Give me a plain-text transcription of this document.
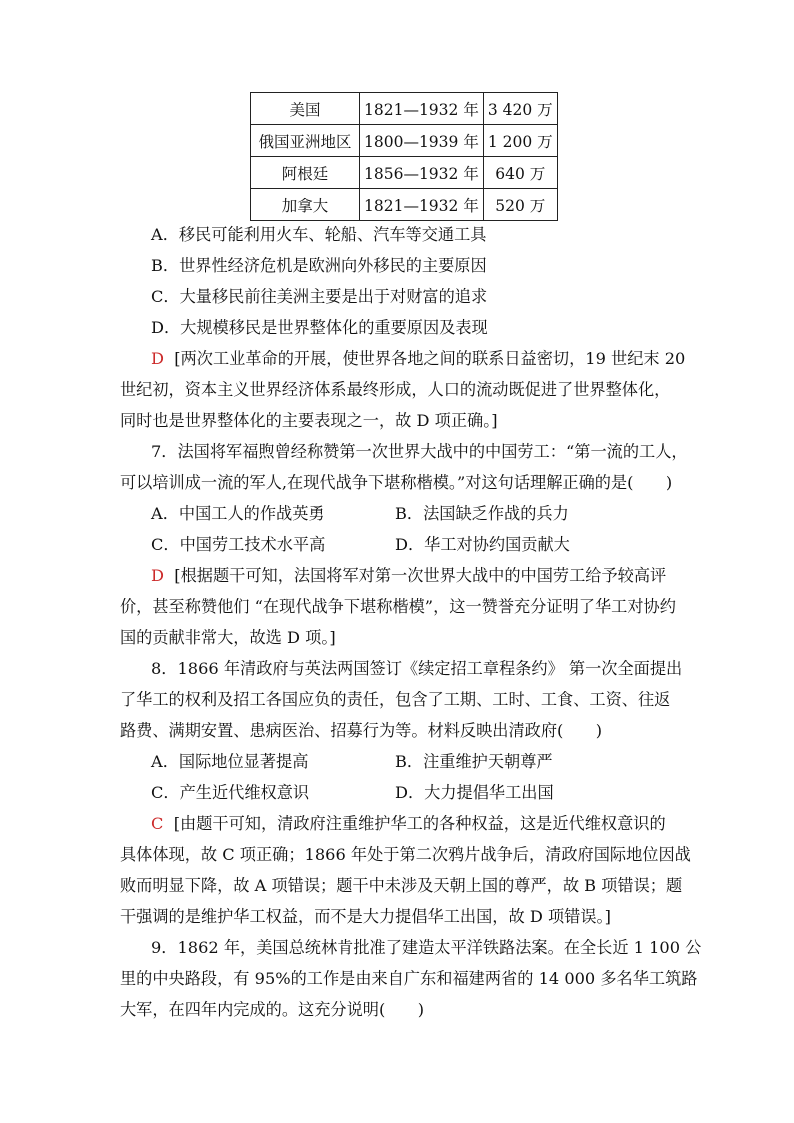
美国	1821—1932 年	3 420 万
俄国亚洲地区	1800—1939 年	1 200 万
阿根廷	1856—1932 年	640 万
加拿大	1821—1932 年	520 万
A．移民可能利用火车、轮船、汽车等交通工具
B．世界性经济危机是欧洲向外移民的主要原因
C．大量移民前往美洲主要是出于对财富的追求
D．大规模移民是世界整体化的重要原因及表现
D [两次工业革命的开展，使世界各地之间的联系日益密切，19 世纪末 20
世纪初，资本主义世界经济体系最终形成，人口的流动既促进了世界整体化，
同时也是世界整体化的主要表现之一，故 D 项正确。]
7．法国将军福煦曾经称赞第一次世界大战中的中国劳工：“第一流的工人，
可以培训成一流的军人,在现代战争下堪称楷模。”对这句话理解正确的是(　　)
A．中国工人的作战英勇	B．法国缺乏作战的兵力
C．中国劳工技术水平高	D．华工对协约国贡献大
D [根据题干可知，法国将军对第一次世界大战中的中国劳工给予较高评
价，甚至称赞他们 “在现代战争下堪称楷模”，这一赞誉充分证明了华工对协约
国的贡献非常大，故选 D 项。]
8．1866 年清政府与英法两国签订《续定招工章程条约》 第一次全面提出
了华工的权利及招工各国应负的责任，包含了工期、工时、工食、工资、往返
路费、满期安置、患病医治、招募行为等。材料反映出清政府(　　)
A．国际地位显著提高	B．注重维护天朝尊严
C．产生近代维权意识	D．大力提倡华工出国
C [由题干可知，清政府注重维护华工的各种权益，这是近代维权意识的
具体体现，故 C 项正确；1866 年处于第二次鸦片战争后，清政府国际地位因战
败而明显下降，故 A 项错误；题干中未涉及天朝上国的尊严，故 B 项错误；题
干强调的是维护华工权益，而不是大力提倡华工出国，故 D 项错误。]
9．1862 年，美国总统林肯批准了建造太平洋铁路法案。在全长近 1 100 公
里的中央路段，有 95%的工作是由来自广东和福建两省的 14 000 多名华工筑路
大军，在四年内完成的。这充分说明(　　)
